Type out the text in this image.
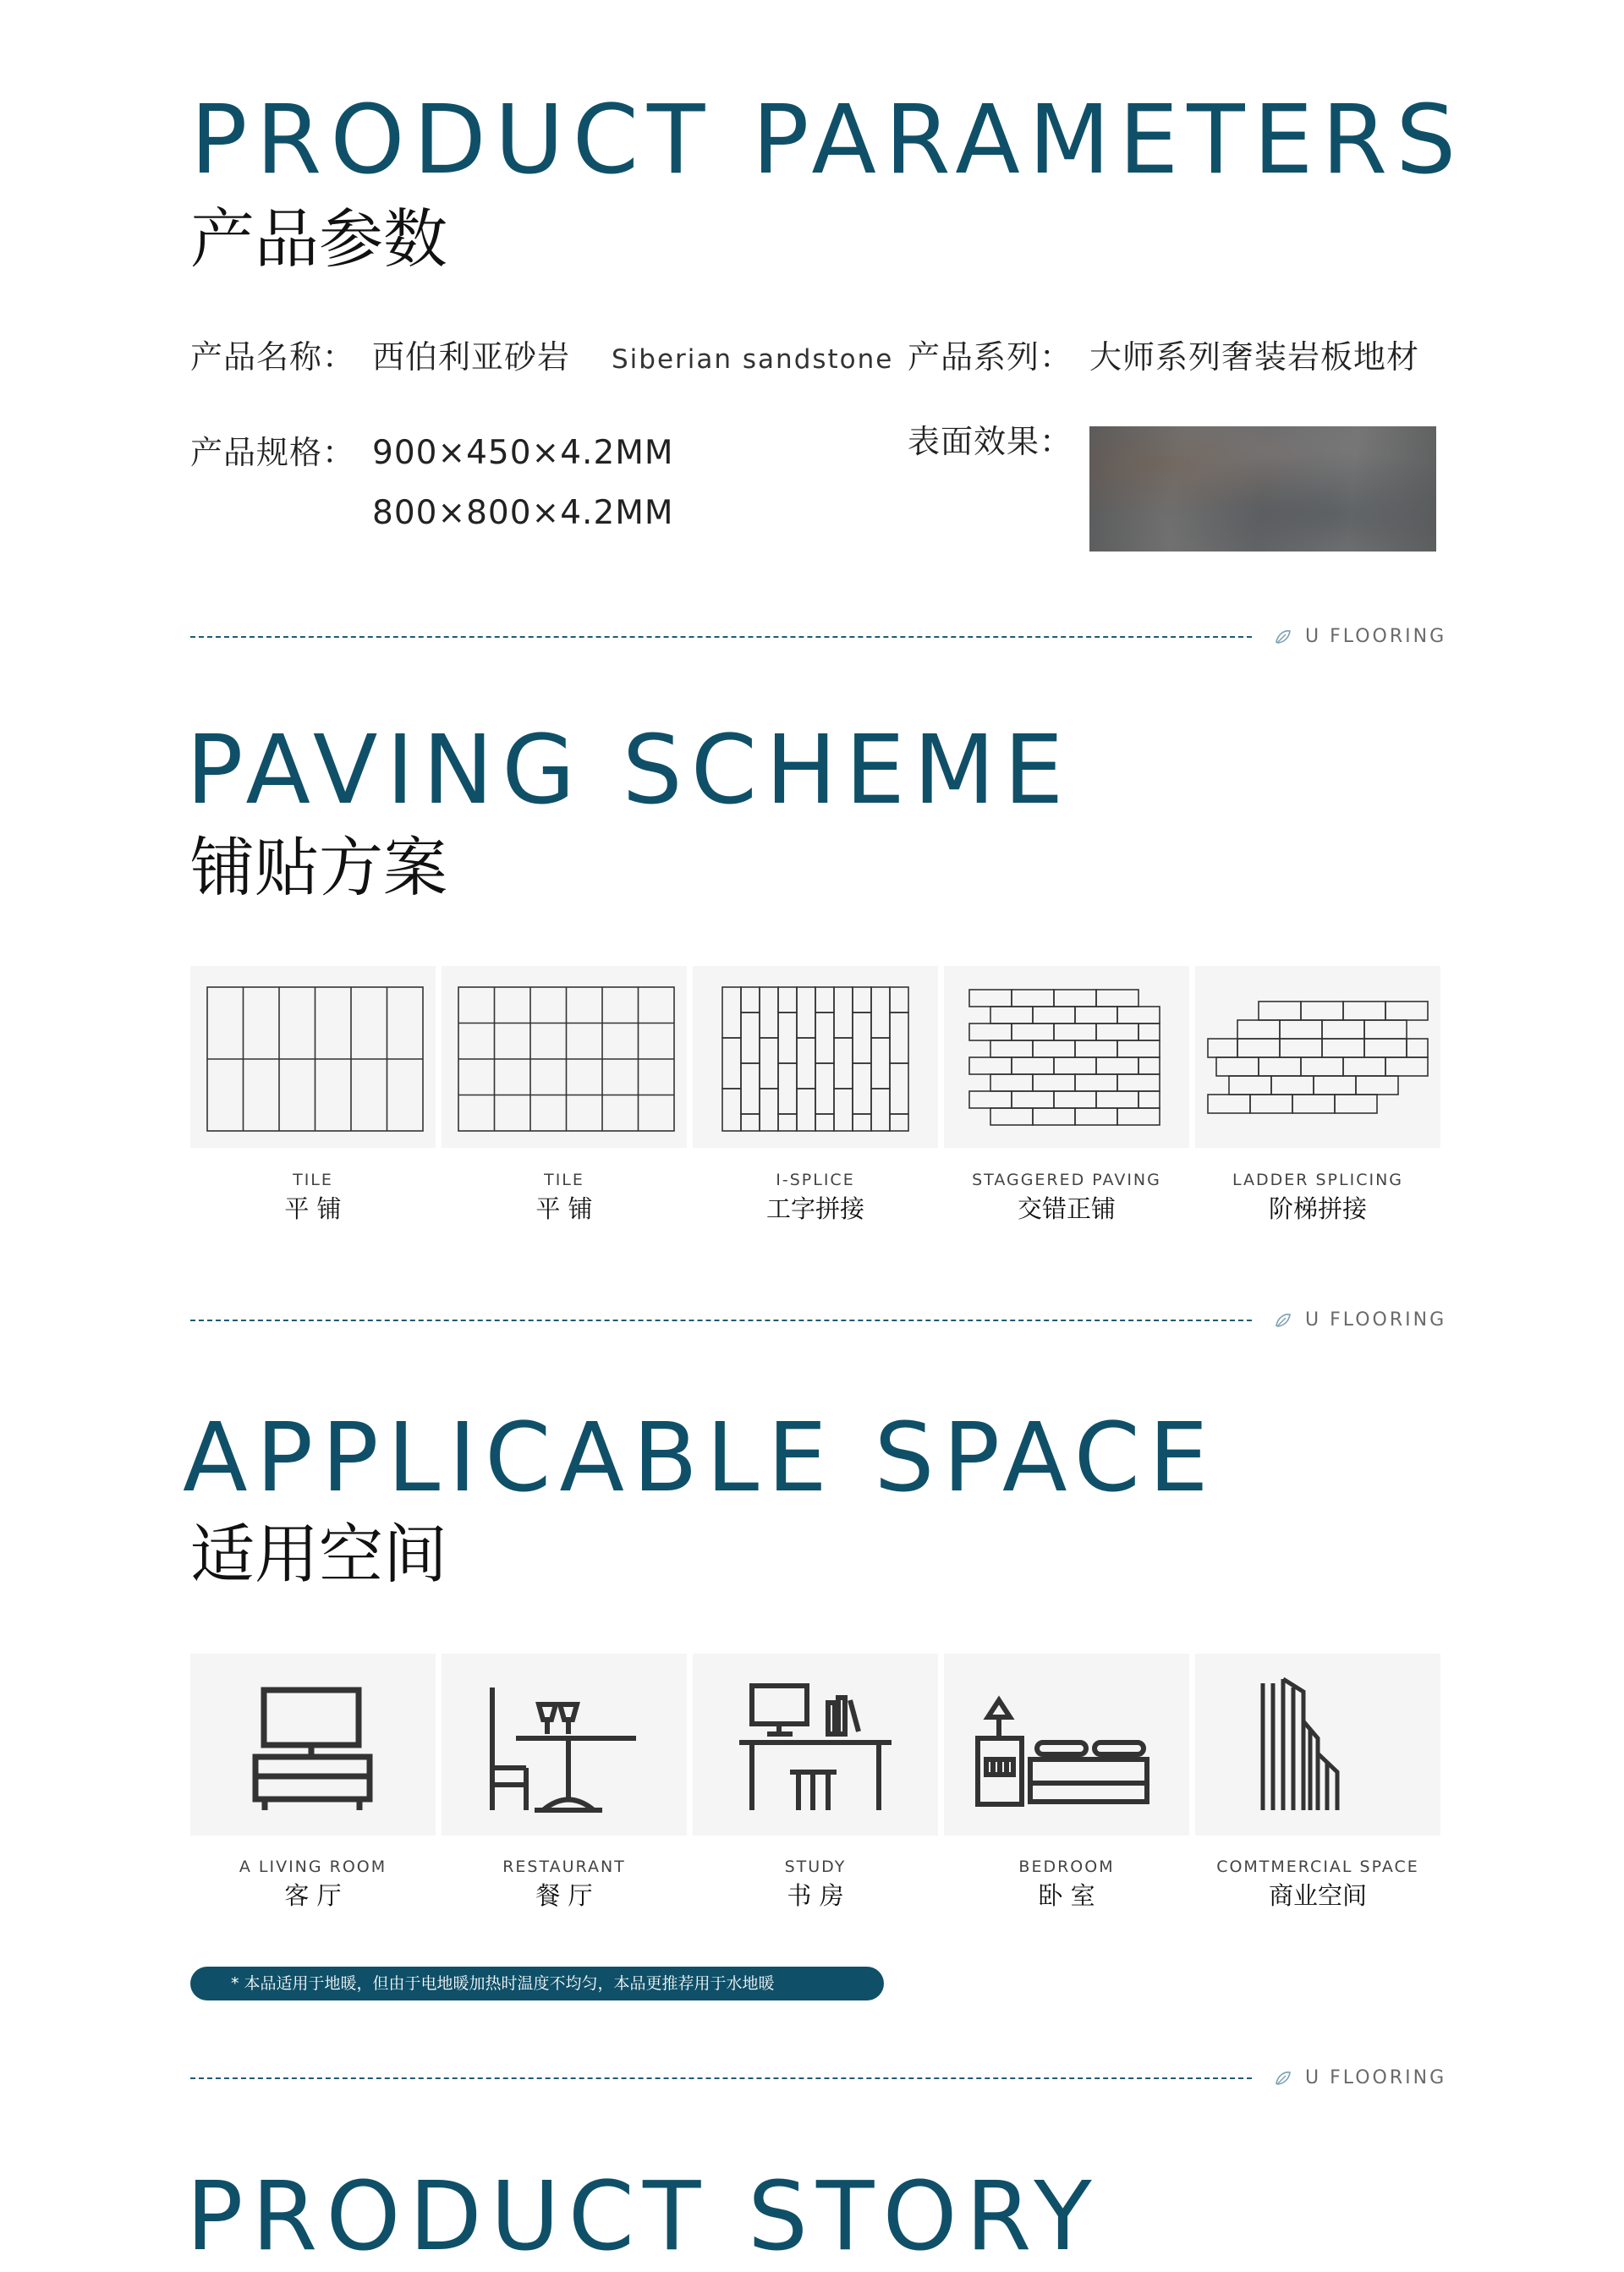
PRODUCT PARAMETERS
产品参数
产品名称： 西伯利亚砂岩 Siberian sandstone 产品系列： 大师系列奢装岩板地材
产品规格： 900×450×4.2MM
800×800×4.2MM
表面效果：
U FLOORING
PAVING SCHEME
铺贴方案
TILE
平 铺
TILE
平 铺
I-SPLICE
工字拼接
STAGGERED PAVING
交错正铺
LADDER SPLICING
阶梯拼接
U FLOORING
APPLICABLE SPACE
适用空间
A LIVING ROOM
客 厅
RESTAURANT
餐 厅
STUDY
书 房
BEDROOM
卧 室
COMTMERCIAL SPACE
商业空间
* 本品适用于地暖，但由于电地暖加热时温度不均匀，本品更推荐用于水地暖
U FLOORING
PRODUCT STORY
